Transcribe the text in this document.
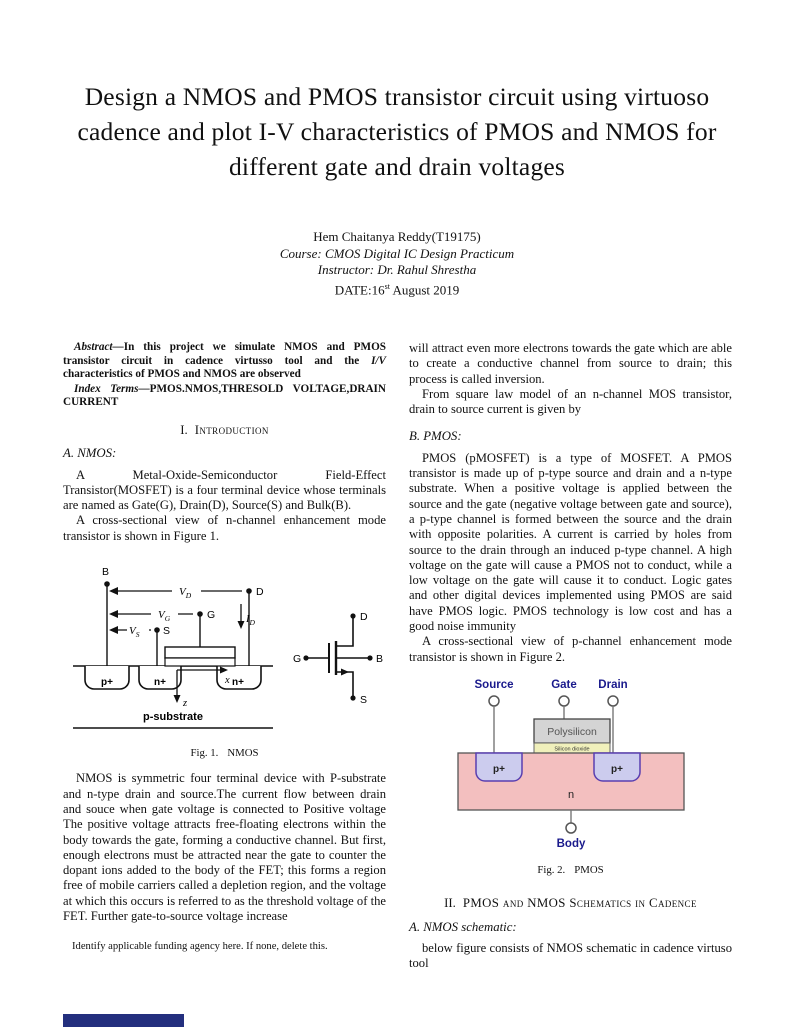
Design a NMOS and PMOS transistor circuit using virtuoso cadence and plot I-V characteristics of PMOS and NMOS for different gate and drain voltages
Hem Chaitanya Reddy(T19175)
Course: CMOS Digital IC Design Practicum
Instructor: Dr. Rahul Shrestha
DATE:16st August 2019

Abstract—In this project we simulate NMOS and PMOS transistor circuit in cadence virtusso tool and the I/V characteristics of PMOS and NMOS are observed

Index Terms—PMOS.NMOS,THRESOLD VOLTAGE,DRAIN CURRENT

I. Introduction
A. NMOS:

A Metal-Oxide-Semiconductor Field-Effect Transistor(MOSFET) is a four terminal device whose terminals are named as Gate(G), Drain(D), Source(S) and Bulk(B).

A cross-sectional view of n-channel enhancement mode transistor is shown in Figure 1.

p+	n+	n+
B
S
G
D
$V_D$
$V_G$
$V_S$
$I_D$
x
z
p-substrate
G
D
B
S
Fig. 1. NMOS

NMOS is symmetric four terminal device with P-substrate and n-type drain and source.The current flow between drain and souce when gate voltage is connected to Positive voltage The positive voltage attracts free-floating electrons within the body towards the gate, forming a conductive channel. But first, enough electrons must be attracted near the gate to counter the dopant ions added to the body of the FET; this forms a region free of mobile carriers called a depletion region, and the voltage at which this occurs is referred to as the threshold voltage of the FET. Further gate-to-source voltage increase

Identify applicable funding agency here. If none, delete this.

will attract even more electrons towards the gate which are able to create a conductive channel from source to drain; this process is called inversion.

From square law model of an n-channel MOS transistor, drain to source current is given by

B. PMOS:

PMOS (pMOSFET) is a type of MOSFET. A PMOS transistor is made up of p-type source and drain and a n-type substrate. When a positive voltage is applied between the source and the gate (negative voltage between gate and source), a p-type channel is formed between the source and the drain with opposite polarities. A current is carried by holes from source to the drain through an induced p-type channel. A high voltage on the gate will cause a PMOS not to conduct, while a low voltage on the gate will cause it to conduct. Logic gates and other digital devices implemented using PMOS are said have PMOS logic. PMOS technology is low cost and has a good noise immunity

A cross-sectional view of p-channel enhancement mode transistor is shown in Figure 2.

Source	Gate Drain
Polysilicon
Silicon dioxide
n
p+	p+
Body
Fig. 2. PMOS
II. PMOS and NMOS Schematics in Cadence
A. NMOS schematic:

below figure consists of NMOS schematic in cadence virtuso tool
